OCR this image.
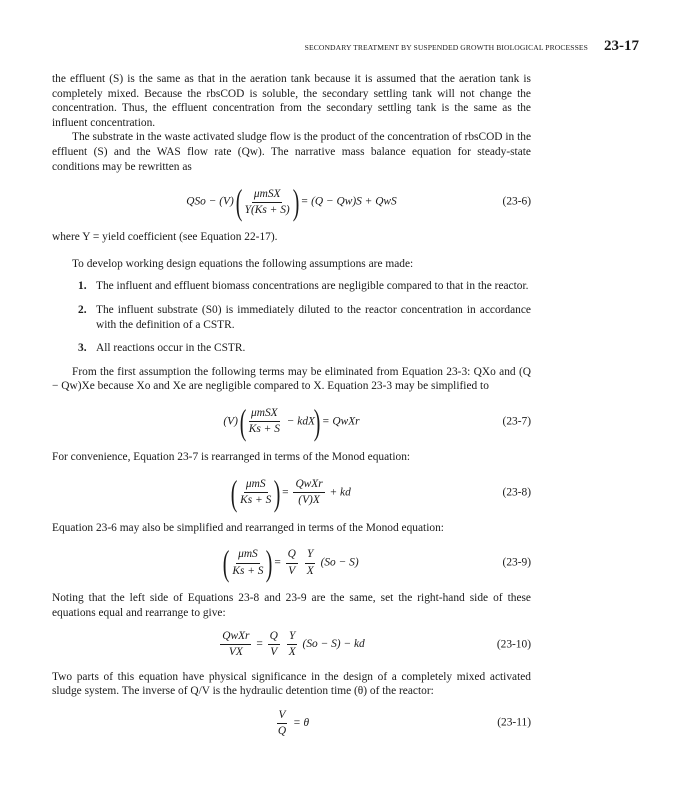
SECONDARY TREATMENT BY SUSPENDED GROWTH BIOLOGICAL PROCESSES 23-17

the effluent (S) is the same as that in the aeration tank because it is assumed that the aeration tank is completely mixed. Because the rbsCOD is soluble, the secondary settling tank will not change the concentration. Thus, the effluent concentration from the secondary settling tank is the same as the influent concentration.

The substrate in the waste activated sludge flow is the product of the concentration of rbsCOD in the effluent (S) and the WAS flow rate (Qw). The narrative mass balance equation for steady-state conditions may be rewritten as

QSo − (V) ( $\frac{\text{μmSX}}{Y(Ks + S)}$ ) = (Q − Qw)S + QwS	(23-6)

where Y = yield coefficient (see Equation 22-17).

To develop working design equations the following assumptions are made:

1. The influent and effluent biomass concentrations are negligible compared to that in the reactor.
2. The influent substrate (S0) is immediately diluted to the reactor concentration in accordance with the definition of a CSTR.
3. All reactions occur in the CSTR.

From the first assumption the following terms may be eliminated from Equation 23-3: QXo and (Q − Qw)Xe because Xo and Xe are negligible compared to X. Equation 23-3 may be simplified to

(V) ( $\frac{\text{μmSX}}{Ks + S} - kdX$) = QwXr	(23-7)

For convenience, Equation 23-7 is rearranged in terms of the Monod equation:

( $\frac{\text{μmS}}{Ks + S}$ ) = $\frac{\text{QwXr}}{(V)X}$ + kd	(23-8)

Equation 23-6 may also be simplified and rearranged in terms of the Monod equation:

( $\frac{\text{μmS}}{Ks + S}$ ) = $\frac{Q}{V}$
$\frac{Y}{X} (So - S)$	(23-9)

Noting that the left side of Equations 23-8 and 23-9 are the same, set the right-hand side of these equations equal and rearrange to give:

$\frac{\text{QwXr}}{VX} = \frac{Q}{V}$
$\frac{Y}{X} (So - S)$ − kd	(23-10)

Two parts of this equation have physical significance in the design of a completely mixed activated sludge system. The inverse of Q/V is the hydraulic detention time (θ) of the reactor:

$\frac{V}{Q} = \theta$	(23-11)
